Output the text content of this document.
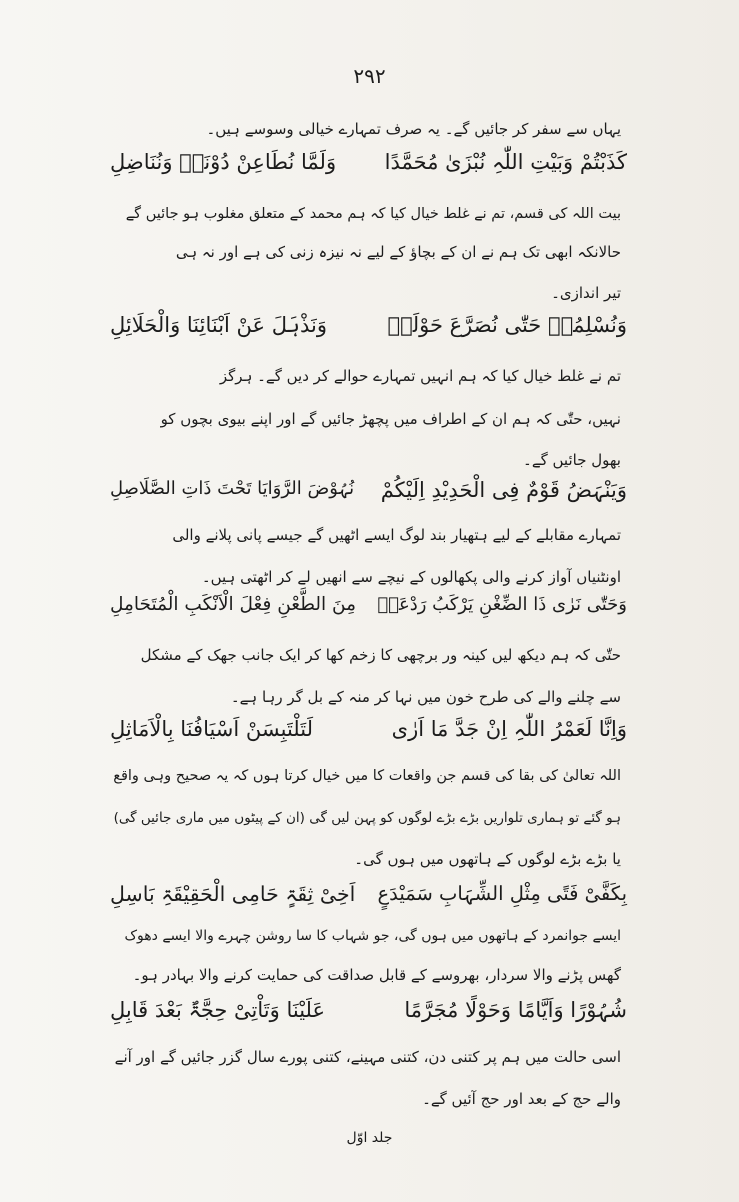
۲۹۲
یہاں سے سفر کر جائیں گے۔ یہ صرف تمہارے خیالی وسوسے ہیں۔
کَذَبْتُمْ وَبَیْتِ اللّٰہِ نُبْزَیٰ مُحَمَّدًا
وَلَمَّا نُطَاعِنْ دُوْنَہٗ وَنُنَاضِلِ
بیت اللہ کی قسم، تم نے غلط خیال کیا کہ ہم محمد کے متعلق مغلوب ہو جائیں گے
حالانکہ ابھی تک ہم نے ان کے بچاؤ کے لیے نہ نیزہ زنی کی ہے اور نہ ہی
تیر اندازی۔
وَنُسْلِمُہٗ حَتّٰی نُصَرَّعَ حَوْلَہٗ
وَنَذْہَلَ عَنْ اَبْنَائِنَا وَالْحَلَائِلِ
تم نے غلط خیال کیا کہ ہم انہیں تمہارے حوالے کر دیں گے۔ ہرگز
نہیں، حتّٰی کہ ہم ان کے اطراف میں پچھڑ جائیں گے اور اپنے بیوی بچوں کو
بھول جائیں گے۔
وَیَنْہَضُ قَوْمٌ فِی الْحَدِیْدِ اِلَیْکُمْ
نُہُوْضَ الرَّوَایَا تَحْتَ ذَاتِ الصَّلَاصِلِ
تمہارے مقابلے کے لیے ہتھیار بند لوگ ایسے اٹھیں گے جیسے پانی پلانے والی
اونٹنیاں آواز کرنے والی پکھالوں کے نیچے سے انھیں لے کر اٹھتی ہیں۔
وَحَتّٰی نَرٰی ذَا الضِّغْنِ یَرْکَبُ رَدْعَہٗ
مِنَ الطَّعْنِ فِعْلَ الْاَنْکَبِ الْمُتَحَامِلِ
حتّٰی کہ ہم دیکھ لیں کینہ ور برچھی کا زخم کھا کر ایک جانب جھک کے مشکل
سے چلنے والے کی طرح خون میں نہا کر منہ کے بل گر رہا ہے۔
وَاِنَّا لَعَمْرُ اللّٰہِ اِنْ جَدَّ مَا اَرٰی
لَتَلْتَبِسَنْ اَسْیَافُنَا بِالْاَمَاثِلِ
اللہ تعالیٰ کی بقا کی قسم جن واقعات کا میں خیال کرتا ہوں کہ یہ صحیح وہی واقع
ہو گئے تو ہماری تلواریں بڑے بڑے لوگوں کو پہن لیں گی (ان کے پیٹوں میں ماری جائیں گی)
یا بڑے بڑے لوگوں کے ہاتھوں میں ہوں گی۔
بِکَفَّیْ فَتًی مِثْلِ الشِّہَابِ سَمَیْدَعٍ
اَخِیْ ثِقَۃٍ حَامِی الْحَقِیْقَۃِ بَاسِلِ
ایسے جوانمرد کے ہاتھوں میں ہوں گی، جو شہاب کا سا روشن چہرے والا ایسے دھوک
گھس پڑنے والا سردار، بھروسے کے قابل صداقت کی حمایت کرنے والا بہادر ہو۔
شُہُوْرًا وَاَیَّامًا وَحَوْلًا مُجَرَّمًا
عَلَیْنَا وَتَاْتِیْ حِجَّۃٌ بَعْدَ قَابِلِ
اسی حالت میں ہم پر کتنی دن، کتنی مہینے، کتنی پورے سال گزر جائیں گے اور آنے
والے حج کے بعد اور حج آئیں گے۔
جلد اوّل
